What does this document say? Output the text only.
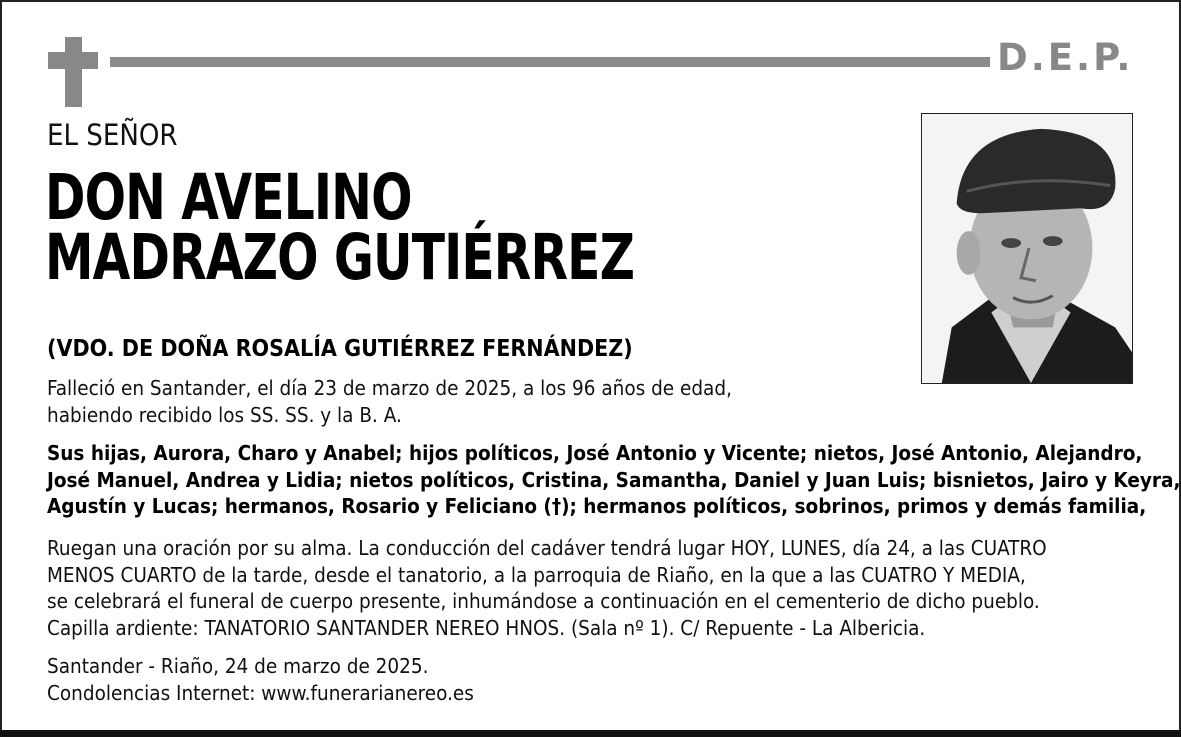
D.E.P.
EL SEÑOR
DON AVELINO
MADRAZO GUTIÉRREZ
(VDO. DE DOÑA ROSALÍA GUTIÉRREZ FERNÁNDEZ)
Falleció en Santander, el día 23 de marzo de 2025, a los 96 años de edad,
habiendo recibido los SS. SS. y la B. A.
Sus hijas, Aurora, Charo y Anabel; hijos políticos, José Antonio y Vicente; nietos, José Antonio, Alejandro,
José Manuel, Andrea y Lidia; nietos políticos, Cristina, Samantha, Daniel y Juan Luis; bisnietos, Jairo y Keyra,
Agustín y Lucas; hermanos, Rosario y Feliciano (†); hermanos políticos, sobrinos, primos y demás familia,
Ruegan una oración por su alma. La conducción del cadáver tendrá lugar HOY, LUNES, día 24, a las CUATRO
MENOS CUARTO de la tarde, desde el tanatorio, a la parroquia de Riaño, en la que a las CUATRO Y MEDIA,
se celebrará el funeral de cuerpo presente, inhumándose a continuación en el cementerio de dicho pueblo.
Capilla ardiente: TANATORIO SANTANDER NEREO HNOS. (Sala nº 1). C/ Repuente - La Albericia.
Santander - Riaño, 24 de marzo de 2025.
Condolencias Internet: www.funerarianereo.es
